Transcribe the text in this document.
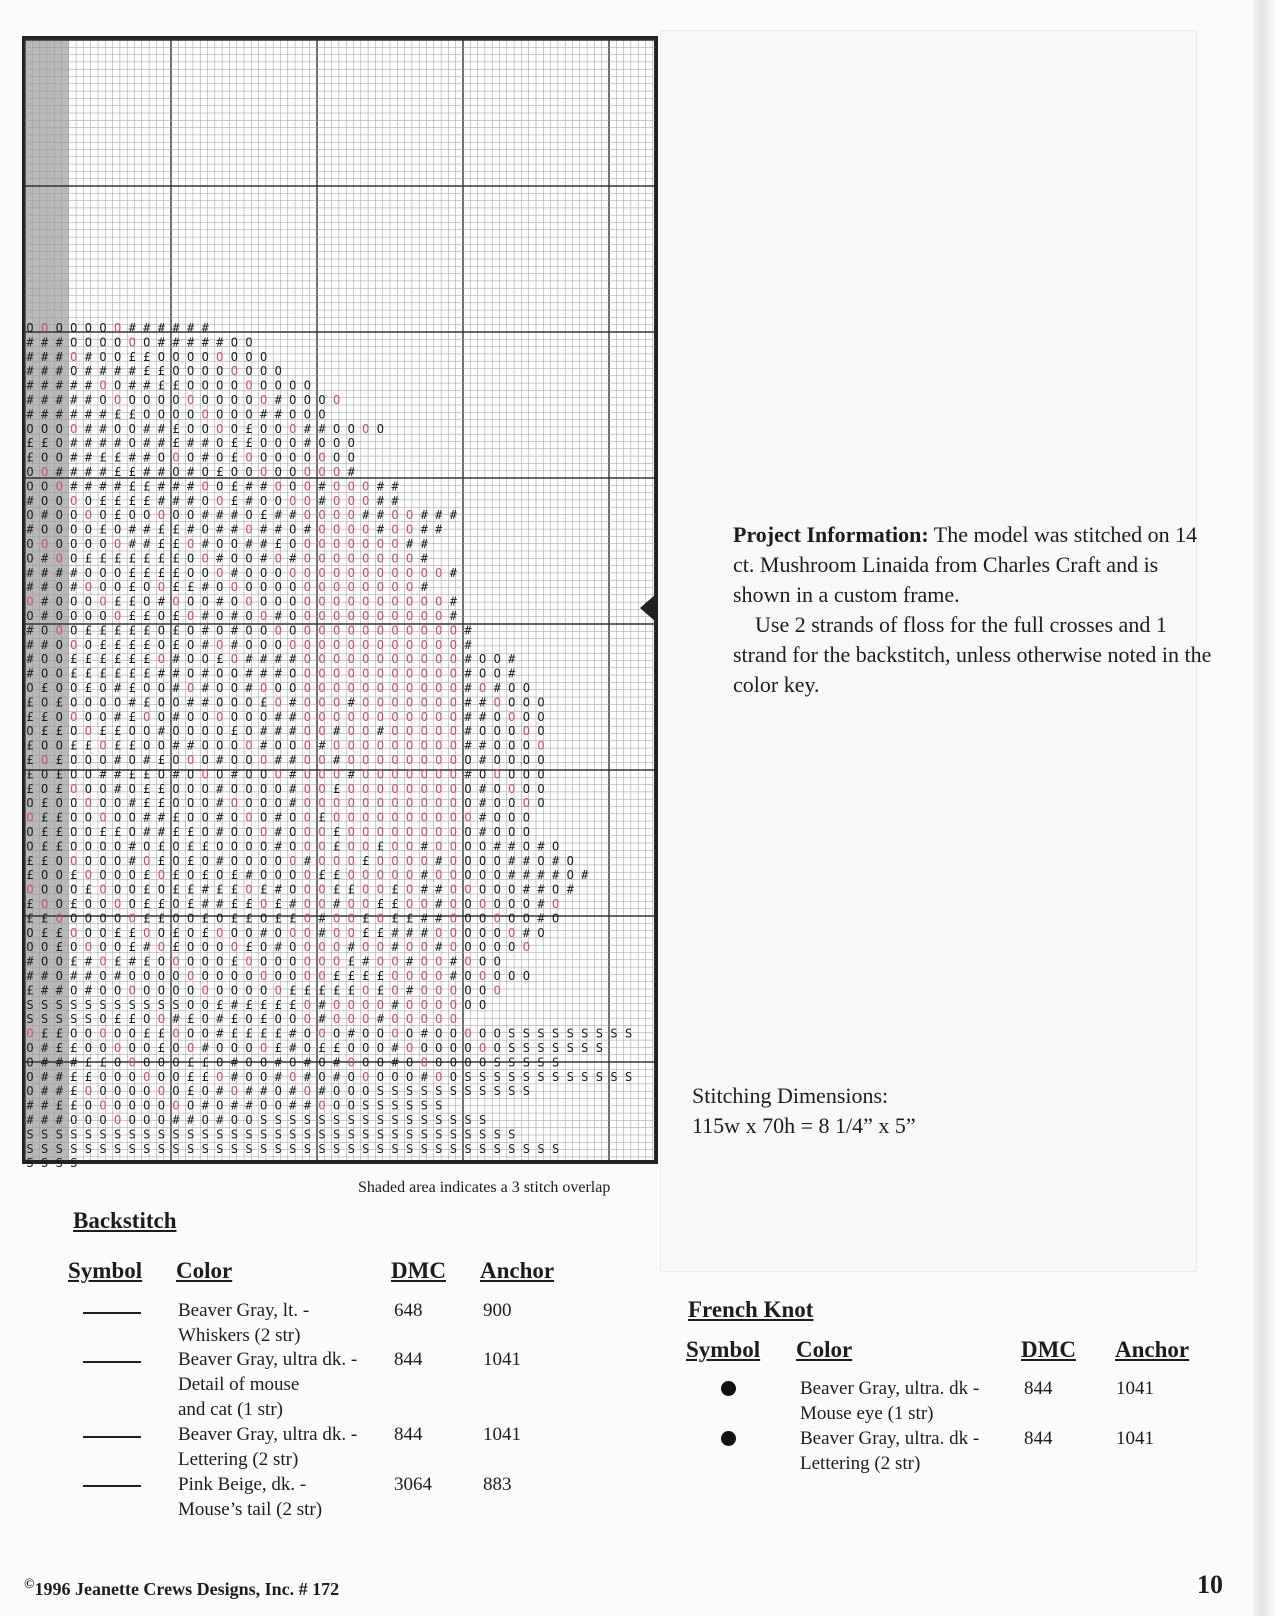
O O O O O O O # # # # # #
# # # O O O O O O # # # # # O O
# # # O # O O £ £ O O O O O O O O
# # # O # # # # £ £ O O O O O O O O
# # # # # O O # # £ £ O O O O O O O O O
# # # # # O O O O O O O O O O O O # O O O O
# # # # # # £ £ O O O O O O O O # # O O O
O O O O # # O O # # £ O O O O £ O O O # # O O O O
£ £ O # # # # O # # £ # # O £ £ O O O # O O O
£ O O # # £ £ # # O O O # O £ O O O O O O O O
O O # # # # £ £ # # O # O £ O O O O O O O O #
O O O # # # # £ £ # # # O O £ # # O O O # O O O # #
# O O O O £ £ £ £ # # # O O £ # O O O O # O O O # #
O # O O O O £ O O O O O # # # O £ # # O O O O # # O O # # #
# O O O O £ O # # £ £ # O # # O # # O # O O O O # O O # #
O O O O O O O # # £ £ O # O O # # £ O O O O O O O O # #
O # O O £ £ £ £ £ £ £ O O # O O # O # O O O O O O O O #
# # # # O O O £ £ £ £ O O O # O O O O O O O O O O O O O O #
# # O # O O O £ O O £ £ # O O O O O O O O O O O O O O #
O # O O O O £ £ O # O O O # O O O O O O O O O O O O O O O #
O # O O O O O £ £ O £ O # O # O O # O O O O O O O O O O O #
# O O O £ £ £ £ £ O £ O # O # O O O O O O O O O O O O O O O #
# # O O O £ £ £ £ O £ O # O # O O O O O O O O O O O O O O O #
# O O £ £ £ £ £ £ O # O O £ O # # # # O O O O O O O O O O O # O O #
# O O £ £ £ £ £ £ # # O # O O # # # O O O O O O O O O O O O # O O #
O £ O O £ O # £ O O # O # O O # O O O O O O O O O O O O O O # O # O O
£ O £ O O O O # £ O O # # O O O £ O # O O O # O O O O O O O # # O O O O
£ £ O O O O # £ O O # O O O O O O # # O O O O O O O O O O O # # O O O O
O £ £ O O £ £ O O # O O O O £ O # # # O O # O O # O O O O O # O O O O O
£ O O £ £ O £ £ O O # # O O O O # O O O # O O O O O O O O O # # O O O O
£ O £ O O O # O # £ O O O # O O O # # O O # O O O O O O O O O # O O O O
£ O £ O O # # £ £ O # O O O # O O O # O O O # O O O O O O O # O O O O O
£ O £ O O O # O £ £ O O O # O O O O # O O £ O O O O O O O O O # O O O O
O £ O O O O O # £ £ O O O # O O O O # O O O O O O O O O O O O # O O O O
O £ £ O O O O O # # £ O O # O O O # O O £ O O O O O O O O O O # O O O
O £ £ O O £ £ O # # £ £ O # O O O # O O O £ O O O O O O O O O # O O O
O £ £ O O O O # O £ O £ £ O O O O # O O O £ O O £ O O # O O O O # # O # O
£ £ O O O O O # O £ O £ O # O O O O O # O O O £ O O O O # O O O O # # O # O
£ O O £ O O O O £ O £ O £ O £ # O O O O £ £ O O O O O # O O O O O # # # # O #
O O O O £ O O O £ O £ £ # £ £ O £ # O O O £ £ O O £ O # # O O O O O # # O #
£ O O £ O O O O £ £ O £ # # £ £ O £ # O O # O O £ £ O O # O O O O O O # O
£ £ O O O O O O £ £ O O £ O £ £ O £ £ O # O O £ O £ £ # # O O O O O O # O
O £ £ O O O £ £ O O £ O £ O O O # O O O # O O £ £ # # # O O O O O O # O
O O £ O O O O £ # O £ O O O O £ O # O O O O # O O # O O # O O O O O O
# O O £ # O £ # £ O O O O O £ O O O O O O O £ # O O # O O # O O O
# # O # # O # O O O O O O O O O O O O O O £ £ £ £ O O O O # O O O O O
£ # # O # O O O O O O O O O O O O O £ £ £ £ £ O £ O # O O O O O O
S S S S S S S S S S S O O £ # £ £ £ £ O # O O O O # O O O O O O
S S S S S O £ £ O O # £ O # £ O £ O O O # O O O # O O O O O
O £ £ O O O O O £ £ O O O # £ £ £ £ # O O O # O O O O # O O O O O S S S S S S S S S
O # £ £ O O O O O £ O O # O O O O £ # O £ £ O O O # O O O O O O O S S S S S S S
O # # # £ £ O O O O O £ £ O # O O # O # O # O O O # O O O O O O S S S S S
O # # £ £ O O O O O O £ £ O # O O # O # O # O O O O O # O O S S S S S S S S S S S S
O # # £ O O O O O O O £ O # O # # O # O # O O O S S S S S S S S S S S
# # £ £ O O O O O O O O # O # # O O # # O O O S S S S S S
# # # O O O O O O O # # O # O O S S S S S S S S S S S S S S S S
S S S S S S S S S S S S S S S S S S S S S S S S S S S S S S S S S S
S S S S S S S S S S S S S S S S S S S S S S S S S S S S S S S S S S S S S
S S S S
Shaded area indicates a 3 stitch overlap

Project Information: The model was stitched on 14 ct. Mushroom Linaida from Charles Craft and is shown in a custom frame.

Use 2 strands of floss for the full crosses and 1 strand for the backstitch, unless otherwise noted in the color key.

Stitching Dimensions:
115w x 70h = 8 1/4” x 5”
Backstitch
Symbol Color	DMC Anchor
Beaver Gray, lt. -
Whiskers (2 str)
648	900
Beaver Gray, ultra dk. -
Detail of mouse
and cat (1 str)
844	1041
Beaver Gray, ultra dk. -
Lettering (2 str)
844	1041
Pink Beige, dk. -
Mouse’s tail (2 str)
3064	883
French Knot
Symbol Color	DMC Anchor
Beaver Gray, ultra. dk -
Mouse eye (1 str)
844	1041
Beaver Gray, ultra. dk -
Lettering (2 str)
844	1041
©1996 Jeanette Crews Designs, Inc. # 172	10
